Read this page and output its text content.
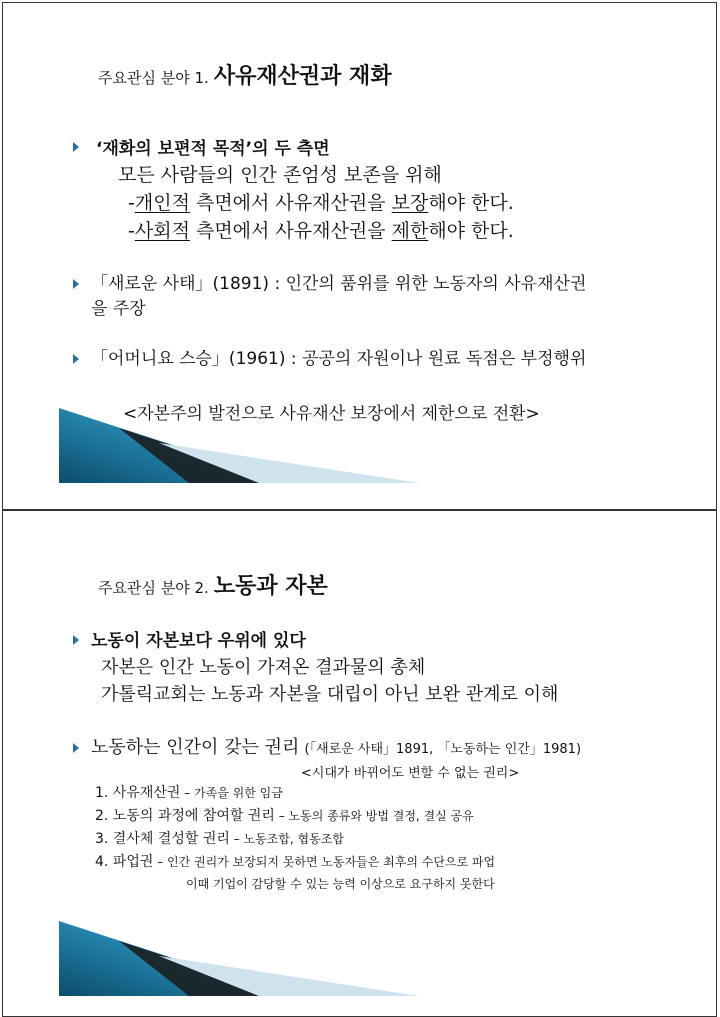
주요관심 분야 1. 사유재산권과 재화
‘재화의 보편적 목적’의 두 측면
모든 사람들의 인간 존엄성 보존을 위해
-개인적 측면에서 사유재산권을 보장해야 한다.
-사회적 측면에서 사유재산권을 제한해야 한다.
「새로운 사태」(1891) : 인간의 품위를 위한 노동자의 사유재산권
을 주장
「어머니요 스승」(1961) : 공공의 자원이나 원료 독점은 부정행위
<자본주의 발전으로 사유재산 보장에서 제한으로 전환>
주요관심 분야 2. 노동과 자본
노동이 자본보다 우위에 있다
자본은 인간 노동이 가져온 결과물의 총체
가톨릭교회는 노동과 자본을 대립이 아닌 보완 관계로 이해
노동하는 인간이 갖는 권리 (「새로운 사태」1891, 「노동하는 인간」1981)
<시대가 바뀌어도 변할 수 없는 권리>
1. 사유재산권 – 가족을 위한 임금
2. 노동의 과정에 참여할 권리 – 노동의 종류와 방법 결정, 결실 공유
3. 결사체 결성할 권리 – 노동조합, 협동조합
4. 파업권 – 인간 권리가 보장되지 못하면 노동자들은 최후의 수단으로 파업
이때 기업이 감당할 수 있는 능력 이상으로 요구하지 못한다
